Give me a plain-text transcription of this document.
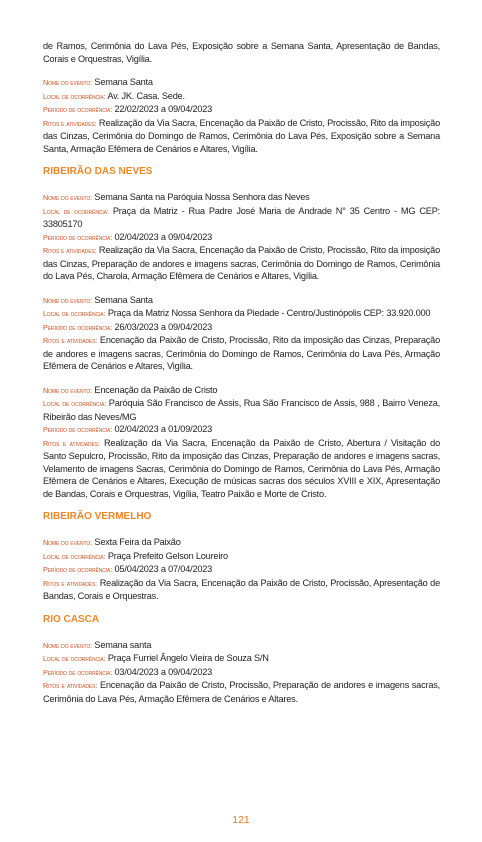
de Ramos, Cerimônia do Lava Pés, Exposição sobre a Semana Santa, Apresentação de Bandas, Corais e Orquestras, Vigília.
Nome do evento: Semana Santa
Local de ocorrência: Av. JK. Casa. Sede.
Período de ocorrência: 22/02/2023 a 09/04/2023
Ritos e atividades: Realização da Via Sacra, Encenação da Paixão de Cristo, Procissão, Rito da imposição das Cinzas, Cerimônia do Domingo de Ramos, Cerimônia do Lava Pés, Exposição sobre a Semana Santa, Armação Efêmera de Cenários e Altares, Vigília.
RIBEIRÃO DAS NEVES
Nome do evento: Semana Santa na Paróquia Nossa Senhora das Neves
Local de ocorrência: Praça da Matriz - Rua Padre José Maria de Andrade N° 35 Centro - MG CEP: 33805170
Período de ocorrência: 02/04/2023 a 09/04/2023
Ritos e atividades: Realização da Via Sacra, Encenação da Paixão de Cristo, Procissão, Rito da imposição das Cinzas, Preparação de andores e imagens sacras, Cerimônia do Domingo de Ramos, Cerimônia do Lava Pés, Charola, Armação Efêmera de Cenários e Altares, Vigília.
Nome do evento: Semana Santa
Local de ocorrência: Praça da Matriz Nossa Senhora da Piedade - Centro/Justinópolis CEP: 33.920.000
Período de ocorrência: 26/03/2023 a 09/04/2023
Ritos e atividades: Encenação da Paixão de Cristo, Procissão, Rito da imposição das Cinzas, Preparação de andores e imagens sacras, Cerimônia do Domingo de Ramos, Cerimônia do Lava Pés, Armação Efêmera de Cenários e Altares, Vigília.
Nome do evento: Encenação da Paixão de Cristo
Local de ocorrência: Paróquia São Francisco de Assis, Rua São Francisco de Assis, 988 , Bairro Veneza, Ribeirão das Neves/MG
Período de ocorrência: 02/04/2023 a 01/09/2023
Ritos e atividades: Realização da Via Sacra, Encenação da Paixão de Cristo, Abertura / Visitação do Santo Sepulcro, Procissão, Rito da imposição das Cinzas, Preparação de andores e imagens sacras, Velamento de imagens Sacras, Cerimônia do Domingo de Ramos, Cerimônia do Lava Pés, Armação Efêmera de Cenários e Altares, Execução de músicas sacras dos séculos XVIII e XIX, Apresentação de Bandas, Corais e Orquestras, Vigília, Teatro Paixão e Morte de Cristo.
RIBEIRÃO VERMELHO
Nome do evento: Sexta Feira da Paixão
Local de ocorrência: Praça Prefeito Gelson Loureiro
Período de ocorrência: 05/04/2023 a 07/04/2023
Ritos e atividades: Realização da Via Sacra, Encenação da Paixão de Cristo, Procissão, Apresentação de Bandas, Corais e Orquestras.
RIO CASCA
Nome do evento: Semana santa
Local de ocorrência: Praça Furriel Ângelo Vieira de Souza S/N
Período de ocorrência: 03/04/2023 a 09/04/2023
Ritos e atividades: Encenação da Paixão de Cristo, Procissão, Preparação de andores e imagens sacras, Cerimônia do Lava Pés, Armação Efêmera de Cenários e Altares.
121
